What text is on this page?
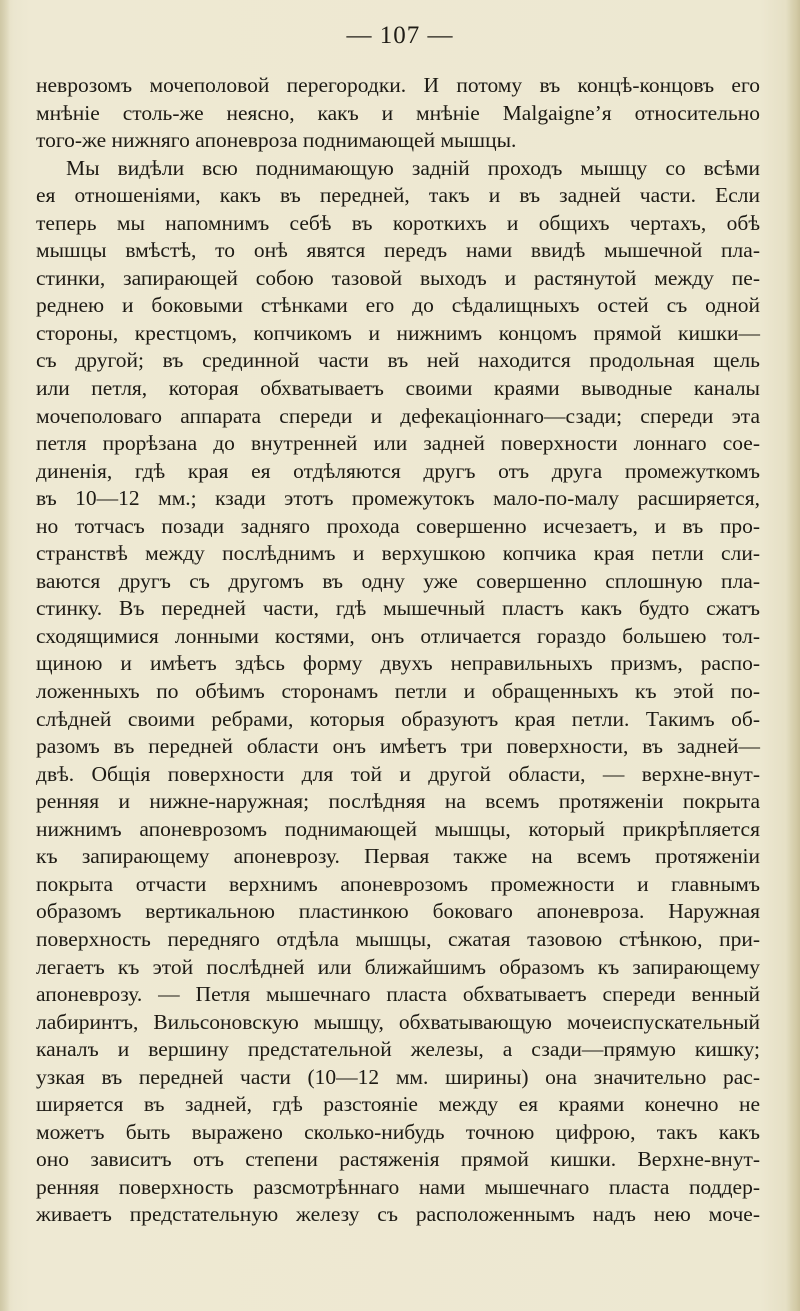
— 107 —
неврозомъ мочеполовой перегородки. И потому въ концѣ-концовъ его
мнѣніе столь-же неясно, какъ и мнѣніе Malgaigne’я относительно
того-же нижняго апоневроза поднимающей мышцы.
Мы видѣли всю поднимающую задній проходъ мышцу со всѣми
ея отношеніями, какъ въ передней, такъ и въ задней части. Если
теперь мы напомнимъ себѣ въ короткихъ и общихъ чертахъ, обѣ
мышцы вмѣстѣ, то онѣ явятся передъ нами ввидѣ мышечной пла-
стинки, запирающей собою тазовой выходъ и растянутой между пе-
реднею и боковыми стѣнками его до сѣдалищныхъ остей съ одной
стороны, крестцомъ, копчикомъ и нижнимъ концомъ прямой кишки—
съ другой; въ срединной части въ ней находится продольная щель
или петля, которая обхватываетъ своими краями выводные каналы
мочеполоваго аппарата спереди и дефекаціоннаго—сзади; спереди эта
петля прорѣзана до внутренней или задней поверхности лоннаго сое-
диненія, гдѣ края ея отдѣляются другъ отъ друга промежуткомъ
въ 10—12 мм.; кзади этотъ промежутокъ мало-по-малу расширяется,
но тотчасъ позади задняго прохода совершенно исчезаетъ, и въ про-
странствѣ между послѣднимъ и верхушкою копчика края петли сли-
ваются другъ съ другомъ въ одну уже совершенно сплошную пла-
стинку. Въ передней части, гдѣ мышечный пластъ какъ будто сжатъ
сходящимися лонными костями, онъ отличается гораздо большею тол-
щиною и имѣетъ здѣсь форму двухъ неправильныхъ призмъ, распо-
ложенныхъ по обѣимъ сторонамъ петли и обращенныхъ къ этой по-
слѣдней своими ребрами, которыя образуютъ края петли. Такимъ об-
разомъ въ передней области онъ имѣетъ три поверхности, въ задней—
двѣ. Общія поверхности для той и другой области, — верхне-внут-
ренняя и нижне-наружная; послѣдняя на всемъ протяженіи покрыта
нижнимъ апоневрозомъ поднимающей мышцы, который прикрѣпляется
къ запирающему апоневрозу. Первая также на всемъ протяженіи
покрыта отчасти верхнимъ апоневрозомъ промежности и главнымъ
образомъ вертикальною пластинкою боковаго апоневроза. Наружная
поверхность передняго отдѣла мышцы, сжатая тазовою стѣнкою, при-
легаетъ къ этой послѣдней или ближайшимъ образомъ къ запирающему
апоневрозу. — Петля мышечнаго пласта обхватываетъ спереди венный
лабиринтъ, Вильсоновскую мышцу, обхватывающую мочеиспускательный
каналъ и вершину предстательной железы, а сзади—прямую кишку;
узкая въ передней части (10—12 мм. ширины) она значительно рас-
ширяется въ задней, гдѣ разстояніе между ея краями конечно не
можетъ быть выражено сколько-нибудь точною цифрою, такъ какъ
оно зависитъ отъ степени растяженія прямой кишки. Верхне-внут-
ренняя поверхность разсмотрѣннаго нами мышечнаго пласта поддер-
живаетъ предстательную железу съ расположеннымъ надъ нею моче-
